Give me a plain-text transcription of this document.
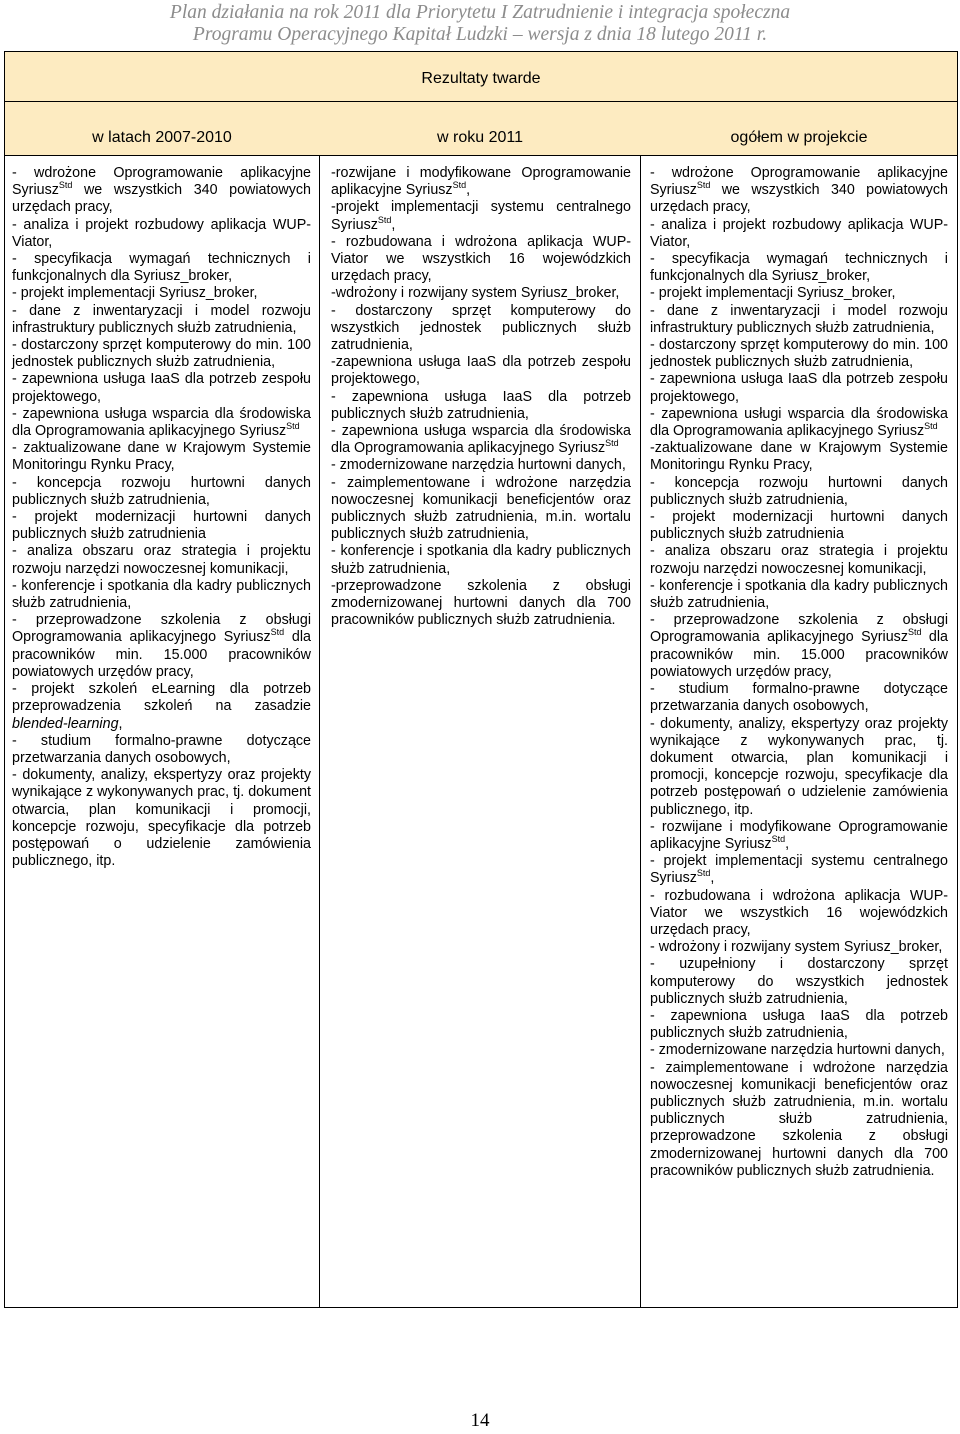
Plan działania na rok 2011 dla Priorytetu I Zatrudnienie i integracja społeczna
Programu Operacyjnego Kapitał Ludzki – wersja z dnia 18 lutego 2011 r.
Rezultaty twarde
w latach 2007-2010	w roku 2011	ogółem w projekcie

- wdrożone Oprogramowanie aplikacyjne Syriusz$^{Std}$ we wszystkich 340 powiatowych urzędach pracy,

- analiza i projekt rozbudowy aplikacja WUP-Viator,

- specyfikacja wymagań technicznych i funkcjonalnych dla Syriusz_broker,

- projekt implementacji Syriusz_broker,

- dane z inwentaryzacji i model rozwoju infrastruktury publicznych służb zatrudnienia,

- dostarczony sprzęt komputerowy do min. 100 jednostek publicznych służb zatrudnienia,

- zapewniona usługa IaaS dla potrzeb zespołu projektowego,

- zapewniona usługa wsparcia dla środowiska dla Oprogramowania aplikacyjnego Syriusz$^{Std}$

- zaktualizowane dane w Krajowym Systemie Monitoringu Rynku Pracy,

- koncepcja rozwoju hurtowni danych publicznych służb zatrudnienia,

- projekt modernizacji hurtowni danych publicznych służb zatrudnienia

- analiza obszaru oraz strategia i projektu rozwoju narzędzi nowoczesnej komunikacji,

- konferencje i spotkania dla kadry publicznych służb zatrudnienia,

- przeprowadzone szkolenia z obsługi Oprogramowania aplikacyjnego Syriusz$^{Std}$ dla pracowników min. 15.000 pracowników powiatowych urzędów pracy,

- projekt szkoleń eLearning dla potrzeb przeprowadzenia szkoleń na zasadzie blended-learning,

- studium formalno-prawne dotyczące przetwarzania danych osobowych,

- dokumenty, analizy, ekspertyzy oraz projekty wynikające z wykonywanych prac, tj. dokument otwarcia, plan komunikacji i promocji, koncepcje rozwoju, specyfikacje dla potrzeb postępowań o udzielenie zamówienia publicznego, itp.

-rozwijane i modyfikowane Oprogramowanie aplikacyjne Syriusz$^{Std}$,

-projekt implementacji systemu centralnego Syriusz$^{Std}$,

- rozbudowana i wdrożona aplikacja WUP-Viator we wszystkich 16 wojewódzkich urzędach pracy,

-wdrożony i rozwijany system Syriusz_broker,

- dostarczony sprzęt komputerowy do wszystkich jednostek publicznych służb zatrudnienia,

-zapewniona usługa IaaS dla potrzeb zespołu projektowego,

- zapewniona usługa IaaS dla potrzeb publicznych służb zatrudnienia,

- zapewniona usługa wsparcia dla środowiska dla Oprogramowania aplikacyjnego Syriusz$^{Std}$

- zmodernizowane narzędzia hurtowni danych,

- zaimplementowane i wdrożone narzędzia nowoczesnej komunikacji beneficjentów oraz publicznych służb zatrudnienia, m.in. wortalu publicznych służb zatrudnienia,

- konferencje i spotkania dla kadry publicznych służb zatrudnienia,

-przeprowadzone szkolenia z obsługi zmodernizowanej hurtowni danych dla 700 pracowników publicznych służb zatrudnienia.

- wdrożone Oprogramowanie aplikacyjne Syriusz$^{Std}$ we wszystkich 340 powiatowych urzędach pracy,

- analiza i projekt rozbudowy aplikacja WUP-Viator,

- specyfikacja wymagań technicznych i funkcjonalnych dla Syriusz_broker,

- projekt implementacji Syriusz_broker,

- dane z inwentaryzacji i model rozwoju infrastruktury publicznych służb zatrudnienia,

- dostarczony sprzęt komputerowy do min. 100 jednostek publicznych służb zatrudnienia,

- zapewniona usługa IaaS dla potrzeb zespołu projektowego,

- zapewniona usługi wsparcia dla środowiska dla Oprogramowania aplikacyjnego Syriusz$^{Std}$

-zaktualizowane dane w Krajowym Systemie Monitoringu Rynku Pracy,

- koncepcja rozwoju hurtowni danych publicznych służb zatrudnienia,

- projekt modernizacji hurtowni danych publicznych służb zatrudnienia

- analiza obszaru oraz strategia i projektu rozwoju narzędzi nowoczesnej komunikacji,

- konferencje i spotkania dla kadry publicznych służb zatrudnienia,

- przeprowadzone szkolenia z obsługi Oprogramowania aplikacyjnego Syriusz$^{Std}$ dla pracowników min. 15.000 pracowników powiatowych urzędów pracy,

- studium formalno-prawne dotyczące przetwarzania danych osobowych,

- dokumenty, analizy, ekspertyzy oraz projekty wynikające z wykonywanych prac, tj. dokument otwarcia, plan komunikacji i promocji, koncepcje rozwoju, specyfikacje dla potrzeb postępowań o udzielenie zamówienia publicznego, itp.

- rozwijane i modyfikowane Oprogramowanie aplikacyjne Syriusz$^{Std}$,

- projekt implementacji systemu centralnego Syriusz$^{Std}$,

- rozbudowana i wdrożona aplikacja WUP-Viator we wszystkich 16 wojewódzkich urzędach pracy,

- wdrożony i rozwijany system Syriusz_broker,

- uzupełniony i dostarczony sprzęt komputerowy do wszystkich jednostek publicznych służb zatrudnienia,

- zapewniona usługa IaaS dla potrzeb publicznych służb zatrudnienia,

- zmodernizowane narzędzia hurtowni danych,

- zaimplementowane i wdrożone narzędzia nowoczesnej komunikacji beneficjentów oraz publicznych służb zatrudnienia, m.in. wortalu publicznych służb zatrudnienia, przeprowadzone szkolenia z obsługi zmodernizowanej hurtowni danych dla 700 pracowników publicznych służb zatrudnienia.

14
